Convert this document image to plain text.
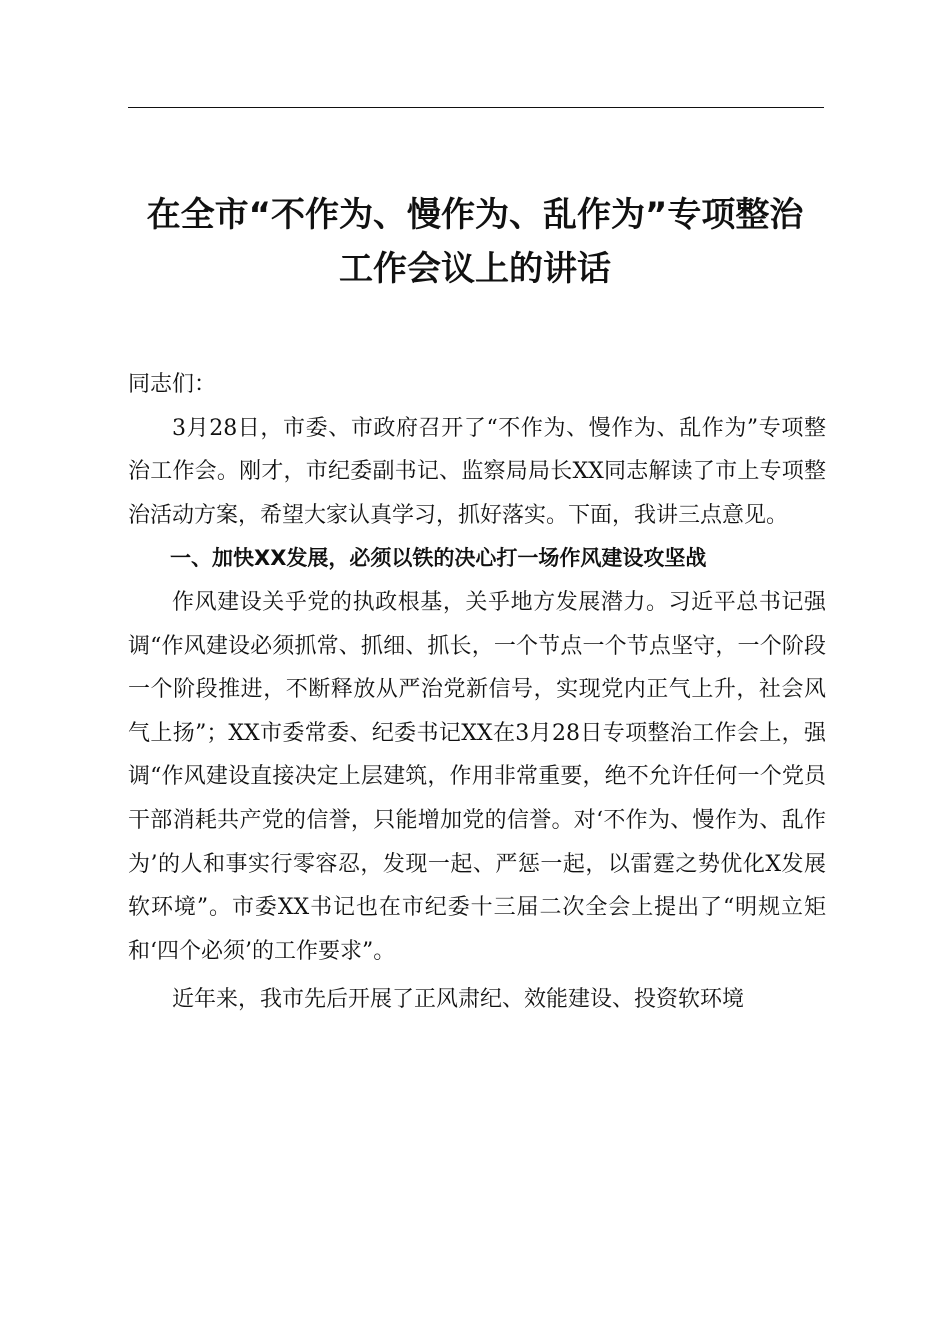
在全市“不作为、慢作为、乱作为”专项整治
工作会议上的讲话

同志们：

3月28日，市委、市政府召开了“不作为、慢作为、乱作为”专项整治工作会。刚才，市纪委副书记、监察局局长XX同志解读了市上专项整治活动方案，希望大家认真学习，抓好落实。下面，我讲三点意见。

一、加快XX发展，必须以铁的决心打一场作风建设攻坚战

作风建设关乎党的执政根基，关乎地方发展潜力。习近平总书记强调“作风建设必须抓常、抓细、抓长，一个节点一个节点坚守，一个阶段一个阶段推进，不断释放从严治党新信号，实现党内正气上升，社会风气上扬”；XX市委常委、纪委书记XX在3月28日专项整治工作会上，强调“作风建设直接决定上层建筑，作用非常重要，绝不允许任何一个党员干部消耗共产党的信誉，只能增加党的信誉。对‘不作为、慢作为、乱作为’的人和事实行零容忍，发现一起、严惩一起，以雷霆之势优化X发展软环境”。市委XX书记也在市纪委十三届二次全会上提出了“明规立矩和‘四个必须’的工作要求”。

近年来，我市先后开展了正风肃纪、效能建设、投资软环境
